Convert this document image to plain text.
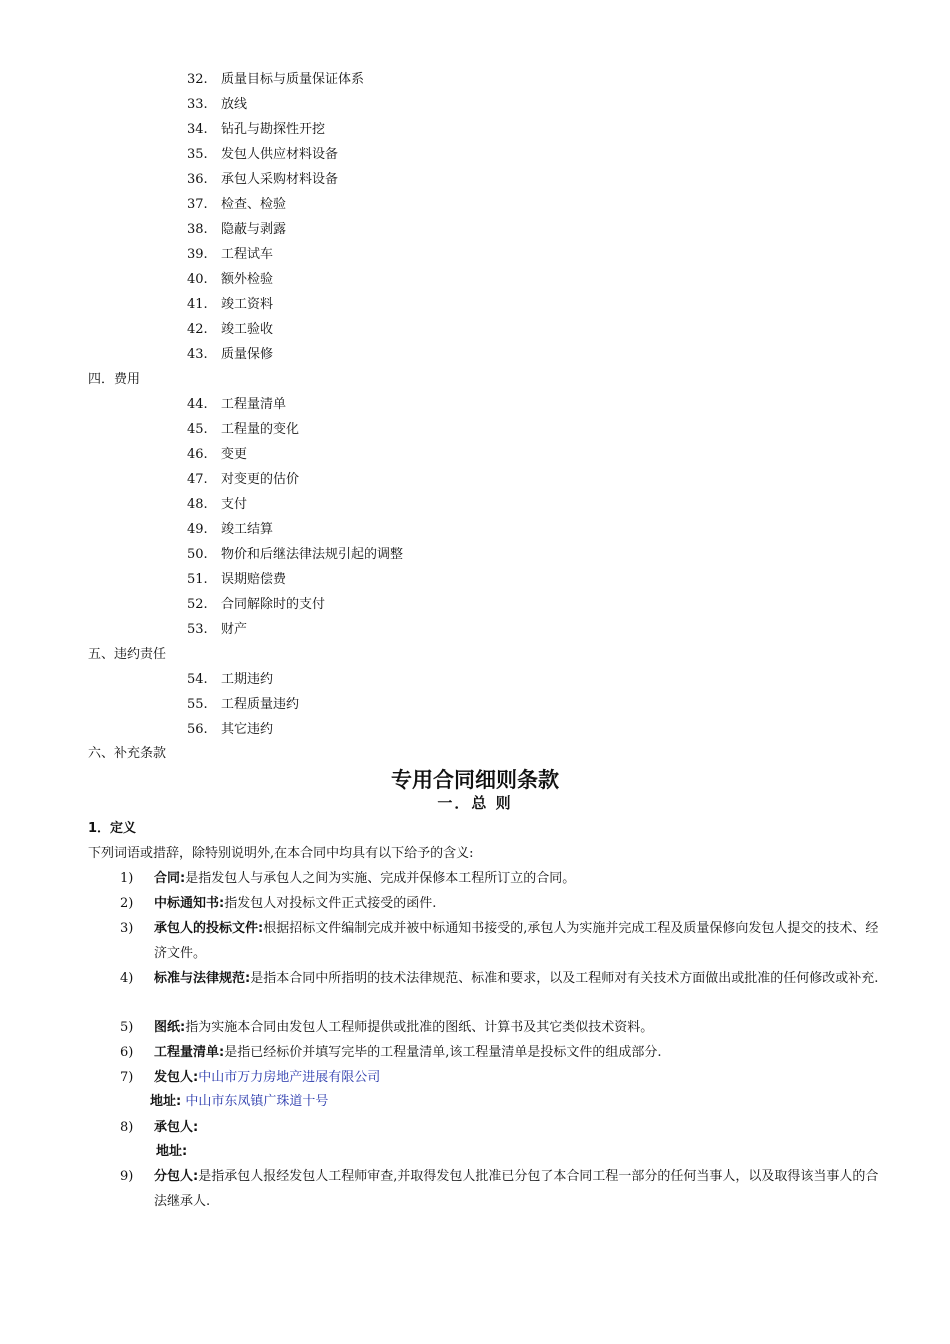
32. 质量目标与质量保证体系
33. 放线
34. 钻孔与勘探性开挖
35. 发包人供应材料设备
36. 承包人采购材料设备
37. 检查、检验
38. 隐蔽与剥露
39. 工程试车
40. 额外检验
41. 竣工资料
42. 竣工验收
43. 质量保修
四．费用
44. 工程量清单
45. 工程量的变化
46. 变更
47. 对变更的估价
48. 支付
49. 竣工结算
50. 物价和后继法律法规引起的调整
51. 误期赔偿费
52. 合同解除时的支付
53. 财产
五、违约责任
54. 工期违约
55. 工程质量违约
56. 其它违约
六、补充条款
专用合同细则条款
一．总 则
1．定义
下列词语或措辞，除特别说明外,在本合同中均具有以下给予的含义:
1)	合同:是指发包人与承包人之间为实施、完成并保修本工程所订立的合同。
2)	中标通知书:指发包人对投标文件正式接受的函件.
3)	承包人的投标文件:根据招标文件编制完成并被中标通知书接受的,承包人为实施并完成工程及质量保修向发包人提交的技术、经济文件。
4)	标准与法律规范:是指本合同中所指明的技术法律规范、标准和要求，以及工程师对有关技术方面做出或批准的任何修改或补充.
5)	图纸:指为实施本合同由发包人工程师提供或批准的图纸、计算书及其它类似技术资料。
6)	工程量清单:是指已经标价并填写完毕的工程量清单,该工程量清单是投标文件的组成部分.
7)	发包人:中山市万力房地产进展有限公司
地址: 中山市东凤镇广珠道十号
8)	承包人:
地址:
9)	分包人:是指承包人报经发包人工程师审查,并取得发包人批准已分包了本合同工程一部分的任何当事人，以及取得该当事人的合法继承人.
